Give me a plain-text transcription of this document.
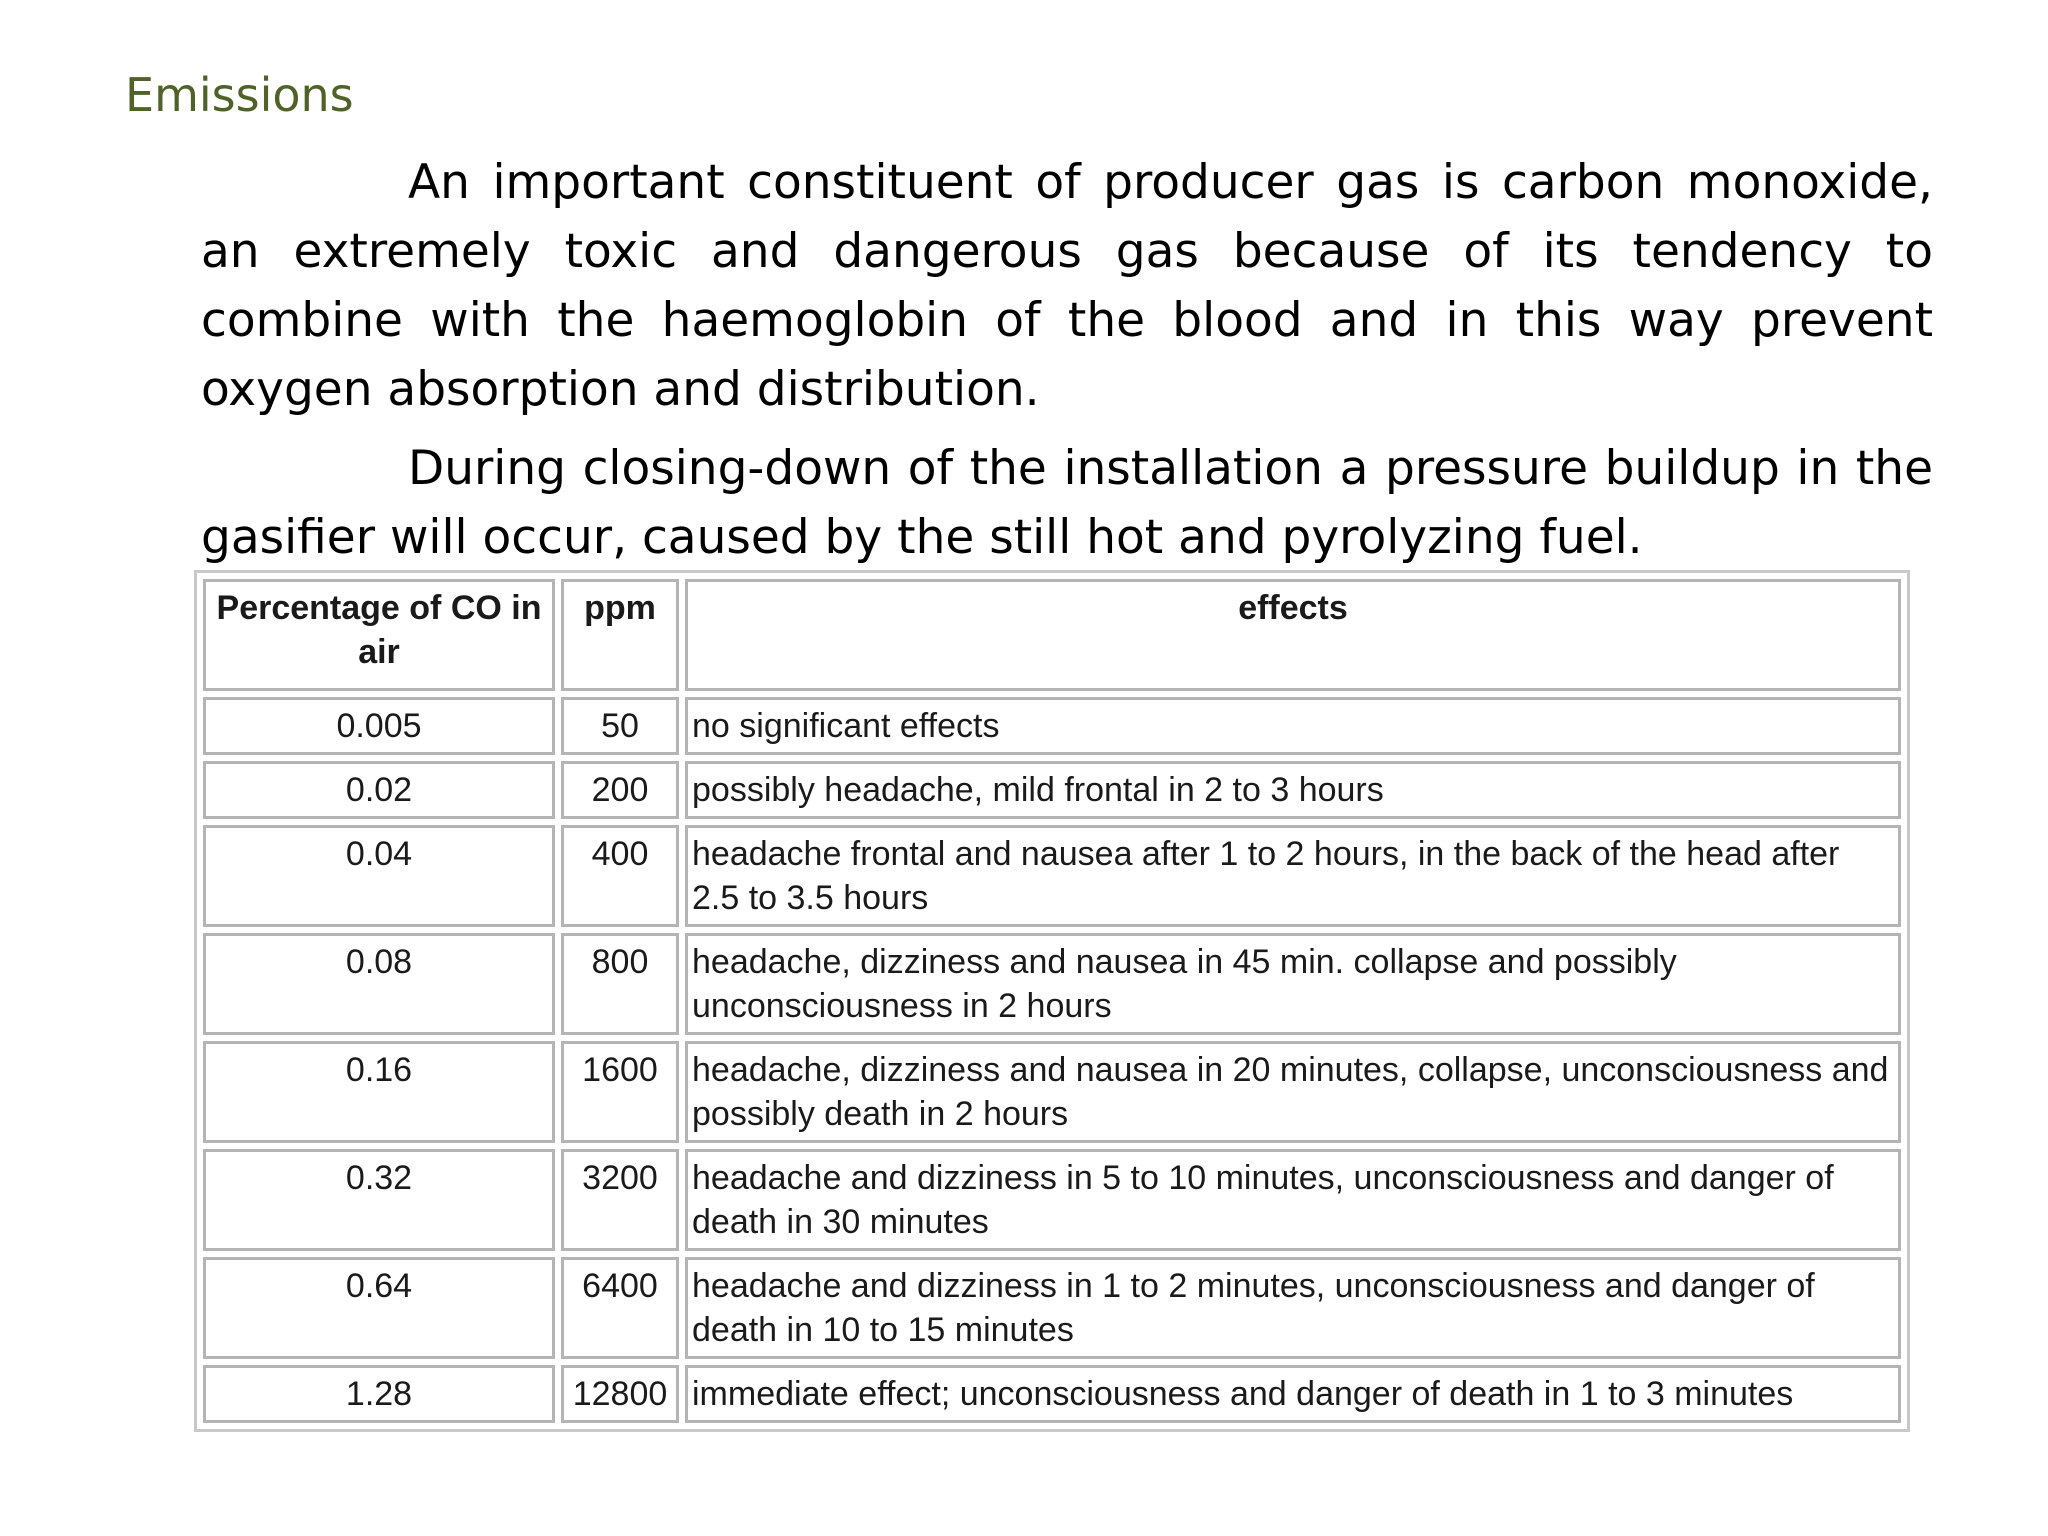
Emissions

An important constituent of producer gas is carbon monoxide, an extremely toxic and dangerous gas because of its tendency to combine with the haemoglobin of the blood and in this way prevent oxygen absorption and distribution.

During closing-down of the installation a pressure buildup in the gasifier will occur, caused by the still hot and pyrolyzing fuel.

Percentage of CO in air	ppm	effects
0.005	50	no significant effects
0.02	200	possibly headache, mild frontal in 2 to 3 hours
0.04	400	headache frontal and nausea after 1 to 2 hours, in the back of the head after 2.5 to 3.5 hours
0.08	800	headache, dizziness and nausea in 45 min. collapse and possibly unconsciousness in 2 hours
0.16	1600	headache, dizziness and nausea in 20 minutes, collapse, unconsciousness and possibly death in 2 hours
0.32	3200	headache and dizziness in 5 to 10 minutes, unconsciousness and danger of death in 30 minutes
0.64	6400	headache and dizziness in 1 to 2 minutes, unconsciousness and danger of death in 10 to 15 minutes
1.28	12800	immediate effect; unconsciousness and danger of death in 1 to 3 minutes
